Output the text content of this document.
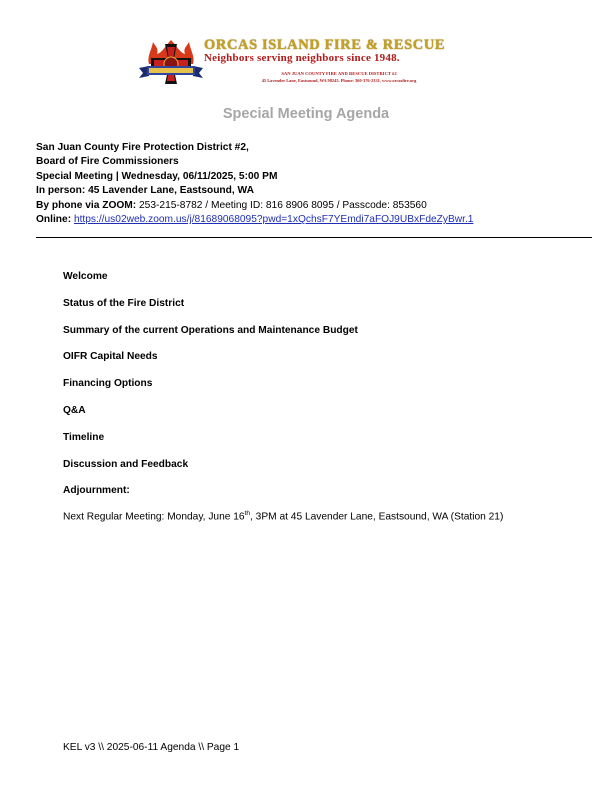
ORCAS ISLAND FIRE & RESCUE
Neighbors serving neighbors since 1948.
SAN JUAN COUNTY FIRE AND RESCUE DISTRICT #2
45 Lavender Lane, Eastsound, WA 98245. Phone: 360-376-2331, www.orcasfire.org
Special Meeting Agenda
San Juan County Fire Protection District #2,
Board of Fire Commissioners
Special Meeting | Wednesday, 06/11/2025, 5:00 PM
In person: 45 Lavender Lane, Eastsound, WA
By phone via ZOOM: 253-215-8782 / Meeting ID: 816 8906 8095 / Passcode: 853560
Online: https://us02web.zoom.us/j/81689068095?pwd=1xQchsF7YEmdi7aFOJ9UBxFdeZyBwr.1
Welcome
Status of the Fire District
Summary of the current Operations and Maintenance Budget
OIFR Capital Needs
Financing Options
Q&A
Timeline
Discussion and Feedback
Adjournment:
Next Regular Meeting: Monday, June 16th, 3PM at 45 Lavender Lane, Eastsound, WA (Station 21)
KEL v3 \\ 2025-06-11 Agenda \\ Page 1
